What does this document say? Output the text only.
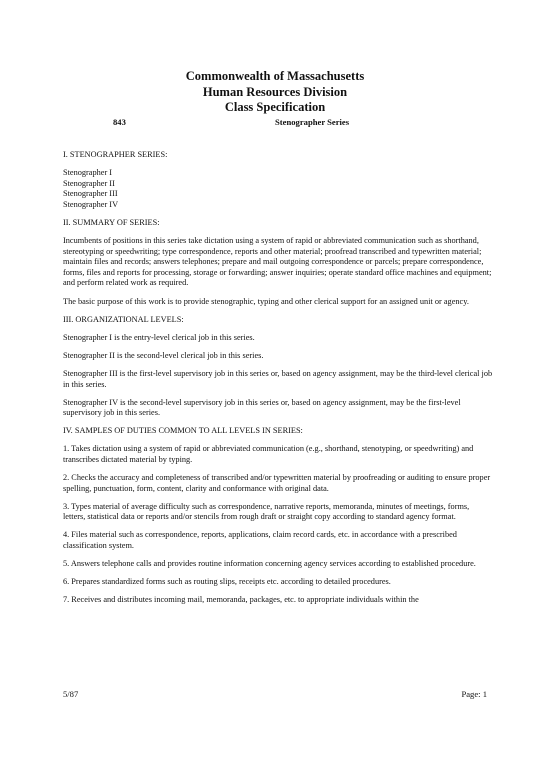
Commonwealth of Massachusetts
Human Resources Division
Class Specification
843	Stenographer Series

I. STENOGRAPHER SERIES:

Stenographer I

Stenographer II

Stenographer III

Stenographer IV

II. SUMMARY OF SERIES:

Incumbents of positions in this series take dictation using a system of rapid or abbreviated communication such as shorthand, stereotyping or speedwriting; type correspondence, reports and other material; proofread transcribed and typewritten material; maintain files and records; answers telephones; prepare and mail outgoing correspondence or parcels; prepare correspondence, forms, files and reports for processing, storage or forwarding; answer inquiries; operate standard office machines and equipment; and perform related work as required.

The basic purpose of this work is to provide stenographic, typing and other clerical support for an assigned unit or agency.

III. ORGANIZATIONAL LEVELS:

Stenographer I is the entry-level clerical job in this series.

Stenographer II is the second-level clerical job in this series.

Stenographer III is the first-level supervisory job in this series or, based on agency assignment, may be the third-level clerical job in this series.

Stenographer IV is the second-level supervisory job in this series or, based on agency assignment, may be the first-level supervisory job in this series.

IV. SAMPLES OF DUTIES COMMON TO ALL LEVELS IN SERIES:

1. Takes dictation using a system of rapid or abbreviated communication (e.g., shorthand, stenotyping, or speedwriting) and transcribes dictated material by typing.

2. Checks the accuracy and completeness of transcribed and/or typewritten material by proofreading or auditing to ensure proper spelling, punctuation, form, content, clarity and conformance with original data.

3. Types material of average difficulty such as correspondence, narrative reports, memoranda, minutes of meetings, forms, letters, statistical data or reports and/or stencils from rough draft or straight copy according to standard agency format.

4. Files material such as correspondence, reports, applications, claim record cards, etc. in accordance with a prescribed classification system.

5. Answers telephone calls and provides routine information concerning agency services according to established procedure.

6. Prepares standardized forms such as routing slips, receipts etc. according to detailed procedures.

7. Receives and distributes incoming mail, memoranda, packages, etc. to appropriate individuals within the

5/87	Page: 1
